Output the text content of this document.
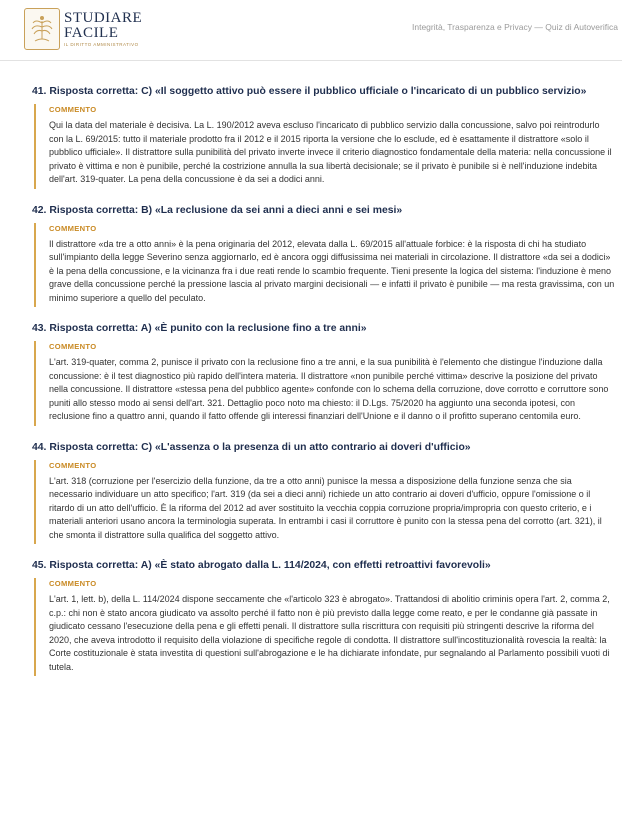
STUDIARE
FACILE
IL DIRITTO AMMINISTRATIVO
Integrità, Trasparenza e Privacy — Quiz di Autoverifica
41. Risposta corretta: C) «Il soggetto attivo può essere il pubblico ufficiale o l'incaricato di un pubblico servizio»
COMMENTO

Qui la data del materiale è decisiva. La L. 190/2012 aveva escluso l'incaricato di pubblico servizio dalla concussione, salvo poi reintrodurlo con la L. 69/2015: tutto il materiale prodotto fra il 2012 e il 2015 riporta la versione che lo esclude, ed è esattamente il distrattore «solo il pubblico ufficiale». Il distrattore sulla punibilità del privato inverte invece il criterio diagnostico fondamentale della materia: nella concussione il privato è vittima e non è punibile, perché la costrizione annulla la sua libertà decisionale; se il privato è punibile si è nell'induzione indebita dell'art. 319-quater. La pena della concussione è da sei a dodici anni.

42. Risposta corretta: B) «La reclusione da sei anni a dieci anni e sei mesi»
COMMENTO

Il distrattore «da tre a otto anni» è la pena originaria del 2012, elevata dalla L. 69/2015 all'attuale forbice: è la risposta di chi ha studiato sull'impianto della legge Severino senza aggiornarlo, ed è ancora oggi diffusissima nei materiali in circolazione. Il distrattore «da sei a dodici» è la pena della concussione, e la vicinanza fra i due reati rende lo scambio frequente. Tieni presente la logica del sistema: l'induzione è meno grave della concussione perché la pressione lascia al privato margini decisionali — e infatti il privato è punibile — ma resta gravissima, con un minimo superiore a quello del peculato.

43. Risposta corretta: A) «È punito con la reclusione fino a tre anni»
COMMENTO

L'art. 319-quater, comma 2, punisce il privato con la reclusione fino a tre anni, e la sua punibilità è l'elemento che distingue l'induzione dalla concussione: è il test diagnostico più rapido dell'intera materia. Il distrattore «non punibile perché vittima» descrive la posizione del privato nella concussione. Il distrattore «stessa pena del pubblico agente» confonde con lo schema della corruzione, dove corrotto e corruttore sono puniti allo stesso modo ai sensi dell'art. 321. Dettaglio poco noto ma chiesto: il D.Lgs. 75/2020 ha aggiunto una seconda ipotesi, con reclusione fino a quattro anni, quando il fatto offende gli interessi finanziari dell'Unione e il danno o il profitto superano centomila euro.

44. Risposta corretta: C) «L'assenza o la presenza di un atto contrario ai doveri d'ufficio»
COMMENTO

L'art. 318 (corruzione per l'esercizio della funzione, da tre a otto anni) punisce la messa a disposizione della funzione senza che sia necessario individuare un atto specifico; l'art. 319 (da sei a dieci anni) richiede un atto contrario ai doveri d'ufficio, oppure l'omissione o il ritardo di un atto dell'ufficio. È la riforma del 2012 ad aver sostituito la vecchia coppia corruzione propria/impropria con questo criterio, e i materiali anteriori usano ancora la terminologia superata. In entrambi i casi il corruttore è punito con la stessa pena del corrotto (art. 321), il che smonta il distrattore sulla qualifica del soggetto attivo.

45. Risposta corretta: A) «È stato abrogato dalla L. 114/2024, con effetti retroattivi favorevoli»
COMMENTO

L'art. 1, lett. b), della L. 114/2024 dispone seccamente che «l'articolo 323 è abrogato». Trattandosi di abolitio criminis opera l'art. 2, comma 2, c.p.: chi non è stato ancora giudicato va assolto perché il fatto non è più previsto dalla legge come reato, e per le condanne già passate in giudicato cessano l'esecuzione della pena e gli effetti penali. Il distrattore sulla riscrittura con requisiti più stringenti descrive la riforma del 2020, che aveva introdotto il requisito della violazione di specifiche regole di condotta. Il distrattore sull'incostituzionalità rovescia la realtà: la Corte costituzionale è stata investita di questioni sull'abrogazione e le ha dichiarate infondate, pur segnalando al Parlamento possibili vuoti di tutela.
